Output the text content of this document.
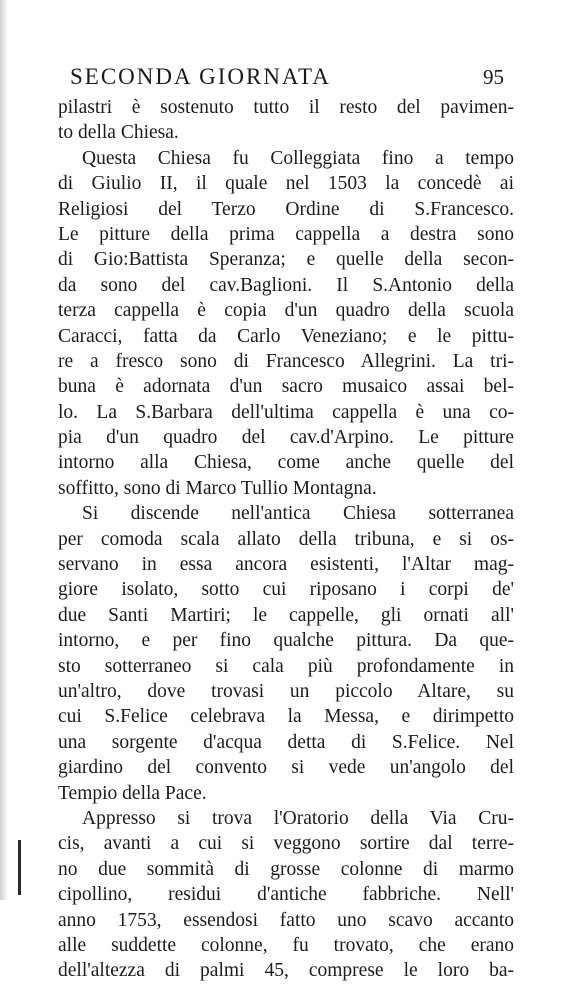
SECONDA GIORNATA	95
pilastri è sostenuto tutto il resto del pavimen-
to della Chiesa.
Questa Chiesa fu Colleggiata fino a tempo
di Giulio II, il quale nel 1503 la concedè ai
Religiosi del Terzo Ordine di S.Francesco.
Le pitture della prima cappella a destra sono
di Gio:Battista Speranza; e quelle della secon-
da sono del cav.Baglioni. Il S.Antonio della
terza cappella è copia d'un quadro della scuola
Caracci, fatta da Carlo Veneziano; e le pittu-
re a fresco sono di Francesco Allegrini. La tri-
buna è adornata d'un sacro musaico assai bel-
lo. La S.Barbara dell'ultima cappella è una co-
pia d'un quadro del cav.d'Arpino. Le pitture
intorno alla Chiesa, come anche quelle del
soffitto, sono di Marco Tullio Montagna.
Si discende nell'antica Chiesa sotterranea
per comoda scala allato della tribuna, e si os-
servano in essa ancora esistenti, l'Altar mag-
giore isolato, sotto cui riposano i corpi de'
due Santi Martiri; le cappelle, gli ornati all'
intorno, e per fino qualche pittura. Da que-
sto sotterraneo si cala più profondamente in
un'altro, dove trovasi un piccolo Altare, su
cui S.Felice celebrava la Messa, e dirimpetto
una sorgente d'acqua detta di S.Felice. Nel
giardino del convento si vede un'angolo del
Tempio della Pace.
Appresso si trova l'Oratorio della Via Cru-
cis, avanti a cui si veggono sortire dal terre-
no due sommità di grosse colonne di marmo
cipollino, residui d'antiche fabbriche. Nell'
anno 1753, essendosi fatto uno scavo accanto
alle suddette colonne, fu trovato, che erano
dell'altezza di palmi 45, comprese le loro ba-
